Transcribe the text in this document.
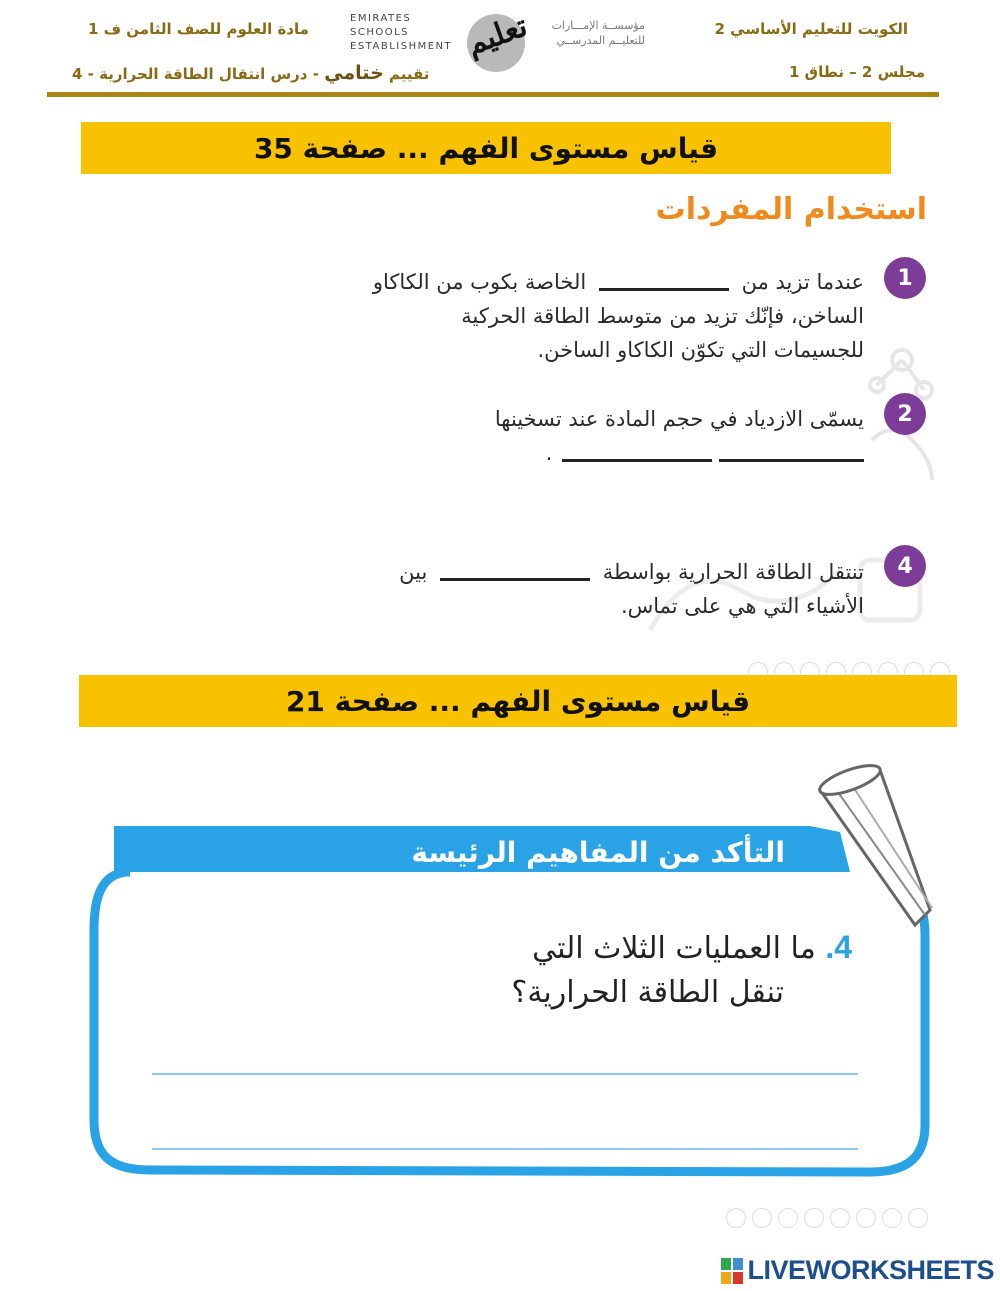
الكويت للتعليم الأساسي 2
مجلس 2 – نطاق 1
مادة العلوم للصف الثامن ف 1
تقييم ختامي - درس انتقال الطاقة الحرارية - 4
EMIRATES SCHOOLS ESTABLISHMENT تعليم	مؤسســة الإمـــارات
للتعليــم المدرســي
قياس مستوى الفهم ... صفحة 35
استخدام المفردات
1
عندما تزيد من  الخاصة بكوب من الكاكاو
الساخن، فإنّك تزيد من متوسط الطاقة الحركية
للجسيمات التي تكوّن الكاكاو الساخن.
2
يسمّى الازدياد في حجم المادة عند تسخينها
.
4
تنتقل الطاقة الحرارية بواسطة  بين
الأشياء التي هي على تماس.
قياس مستوى الفهم ... صفحة 21
التأكد من المفاهيم الرئيسة
4. ما العمليات الثلاث التي
تنقل الطاقة الحرارية؟
LIVEWORKSHEETS
